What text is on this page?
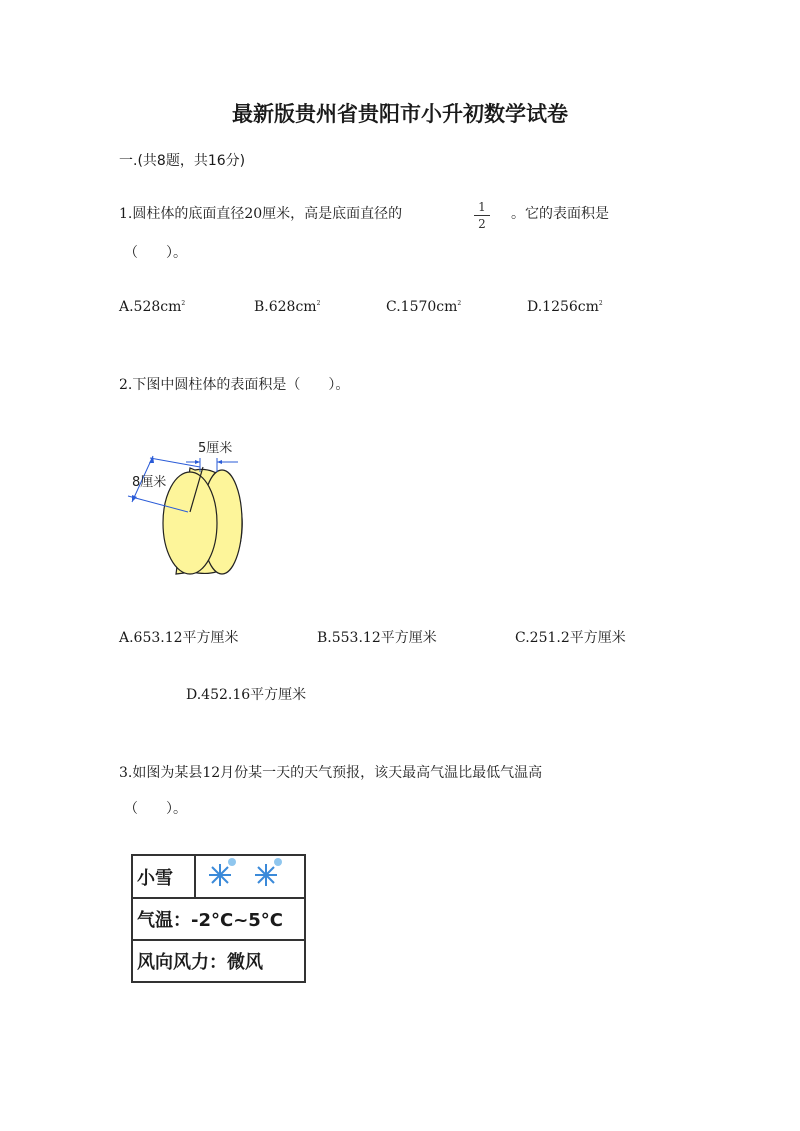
最新版贵州省贵阳市小升初数学试卷
一.(共8题，共16分)
1.圆柱体的底面直径20厘米，高是底面直径的	1
2
。它的表面积是
（　　）。
$A.528cm^2$	$B.628cm^2$	$C.1570cm^2$	$D.1256cm^2$
2.下图中圆柱体的表面积是（　　）。
5厘米
8厘米
A.653.12平方厘米	B.553.12平方厘米	C.251.2平方厘米
D.452.16平方厘米
3.如图为某县12月份某一天的天气预报，该天最高气温比最低气温高
（　　）。
小雪	
气温：-2°C~5°C
风向风力：微风
